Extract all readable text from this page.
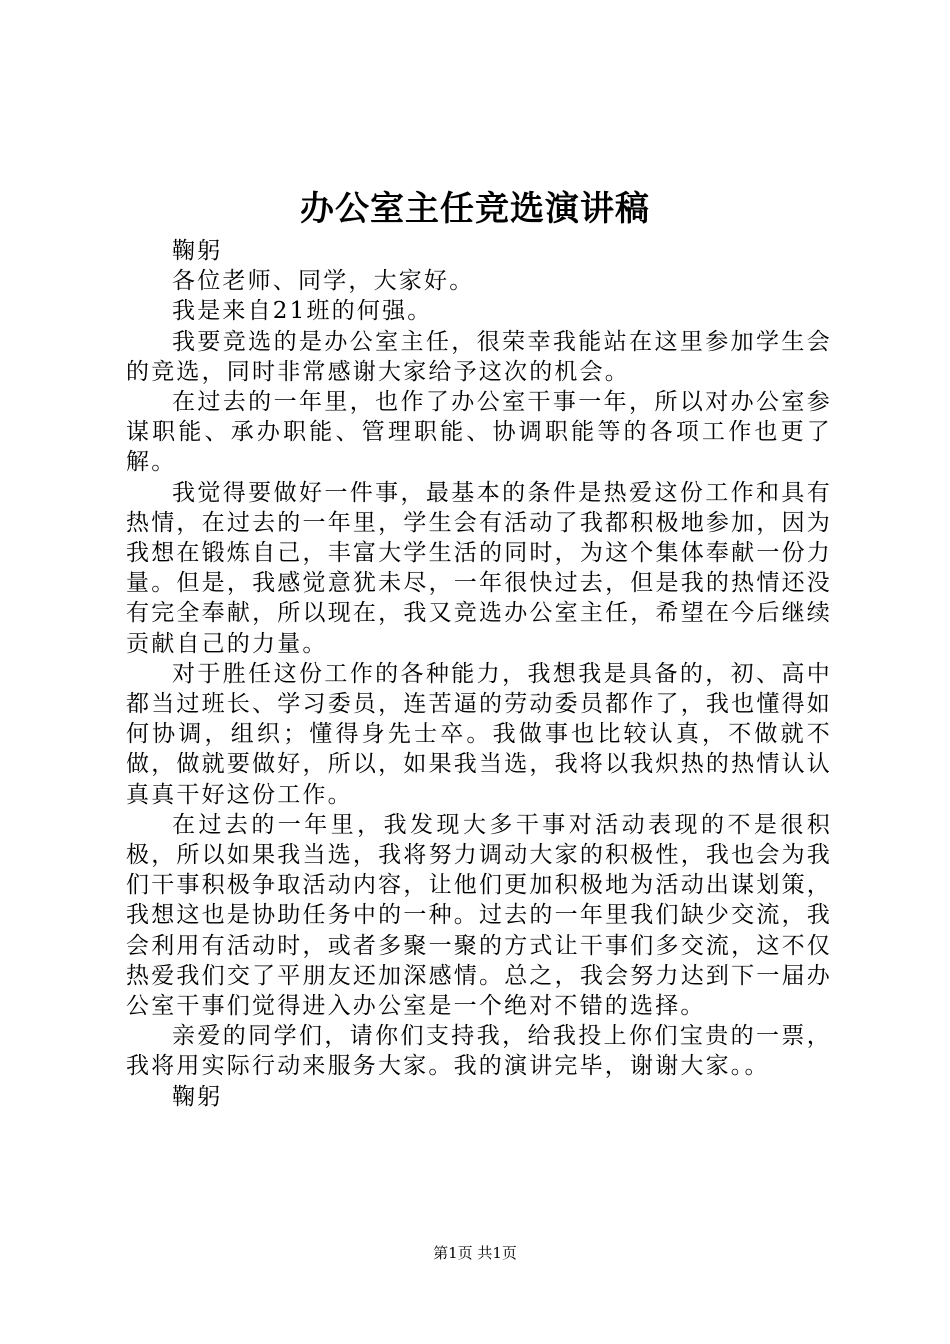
办公室主任竞选演讲稿

鞠躬

各位老师、同学，大家好。

我是来自21班的何强。

我要竞选的是办公室主任，很荣幸我能站在这里参加学生会的竞选，同时非常感谢大家给予这次的机会。

在过去的一年里，也作了办公室干事一年，所以对办公室参谋职能、承办职能、管理职能、协调职能等的各项工作也更了解。

我觉得要做好一件事，最基本的条件是热爱这份工作和具有热情，在过去的一年里，学生会有活动了我都积极地参加，因为我想在锻炼自己，丰富大学生活的同时，为这个集体奉献一份力量。但是，我感觉意犹未尽，一年很快过去，但是我的热情还没有完全奉献，所以现在，我又竞选办公室主任，希望在今后继续贡献自己的力量。

对于胜任这份工作的各种能力，我想我是具备的，初、高中都当过班长、学习委员，连苦逼的劳动委员都作了，我也懂得如何协调，组织；懂得身先士卒。我做事也比较认真，不做就不做，做就要做好，所以，如果我当选，我将以我炽热的热情认认真真干好这份工作。

在过去的一年里，我发现大多干事对活动表现的不是很积极，所以如果我当选，我将努力调动大家的积极性，我也会为我们干事积极争取活动内容，让他们更加积极地为活动出谋划策，我想这也是协助任务中的一种。过去的一年里我们缺少交流，我会利用有活动时，或者多聚一聚的方式让干事们多交流，这不仅热爱我们交了平朋友还加深感情。总之，我会努力达到下一届办公室干事们觉得进入办公室是一个绝对不错的选择。

亲爱的同学们，请你们支持我，给我投上你们宝贵的一票，我将用实际行动来服务大家。我的演讲完毕，谢谢大家。。

鞠躬

第1页 共1页
